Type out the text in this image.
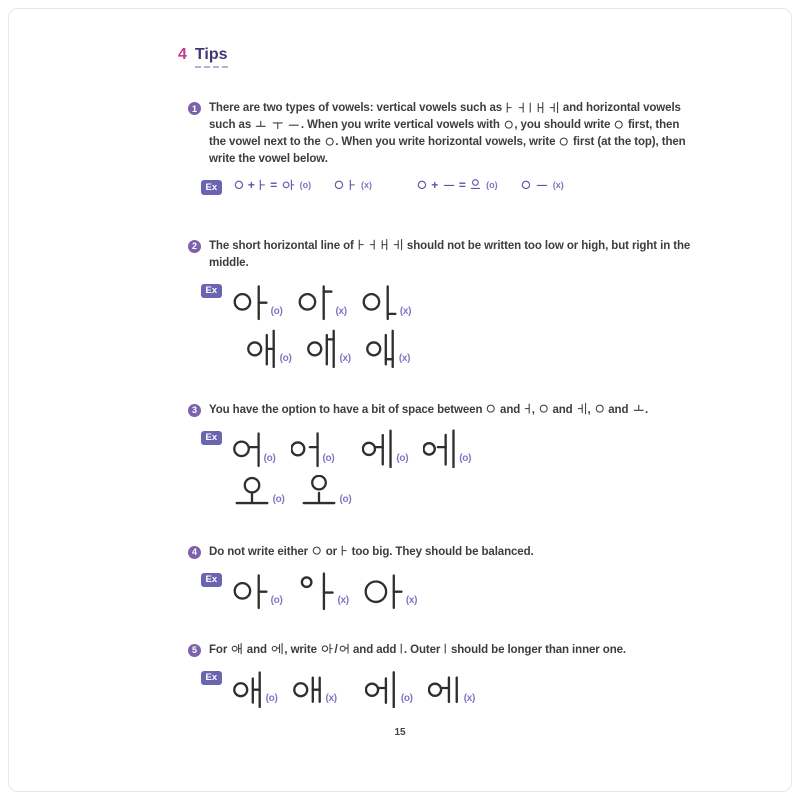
4 Tips
1	There are two types of vowels: vertical vowels such as	and horizontal vowels such as	. When you write vertical vowels with , you should write  first, then the vowel next to the . When you write horizontal vowels, write  first (at the top), then write the vowel below.

Ex	+  =	(o)
	(x)	+  =	(o)
	(x)
2	The short horizontal line of	should not be written too low or high, but right in the middle.

Ex
(o)	(x)	(x)
(o)	(x)	(x)
3	You have the option to have a bit of space between  and ,  and ,  and .

Ex
(o)	(o)	(o)	(o)
(o)	(o)
4	Do not write either  or  too big. They should be balanced.

Ex
(o)	(x)	(x)
5	For  and , write / and add . Outer  should be longer than inner one.

Ex
(o)	(x)	(o)	(x)
15
